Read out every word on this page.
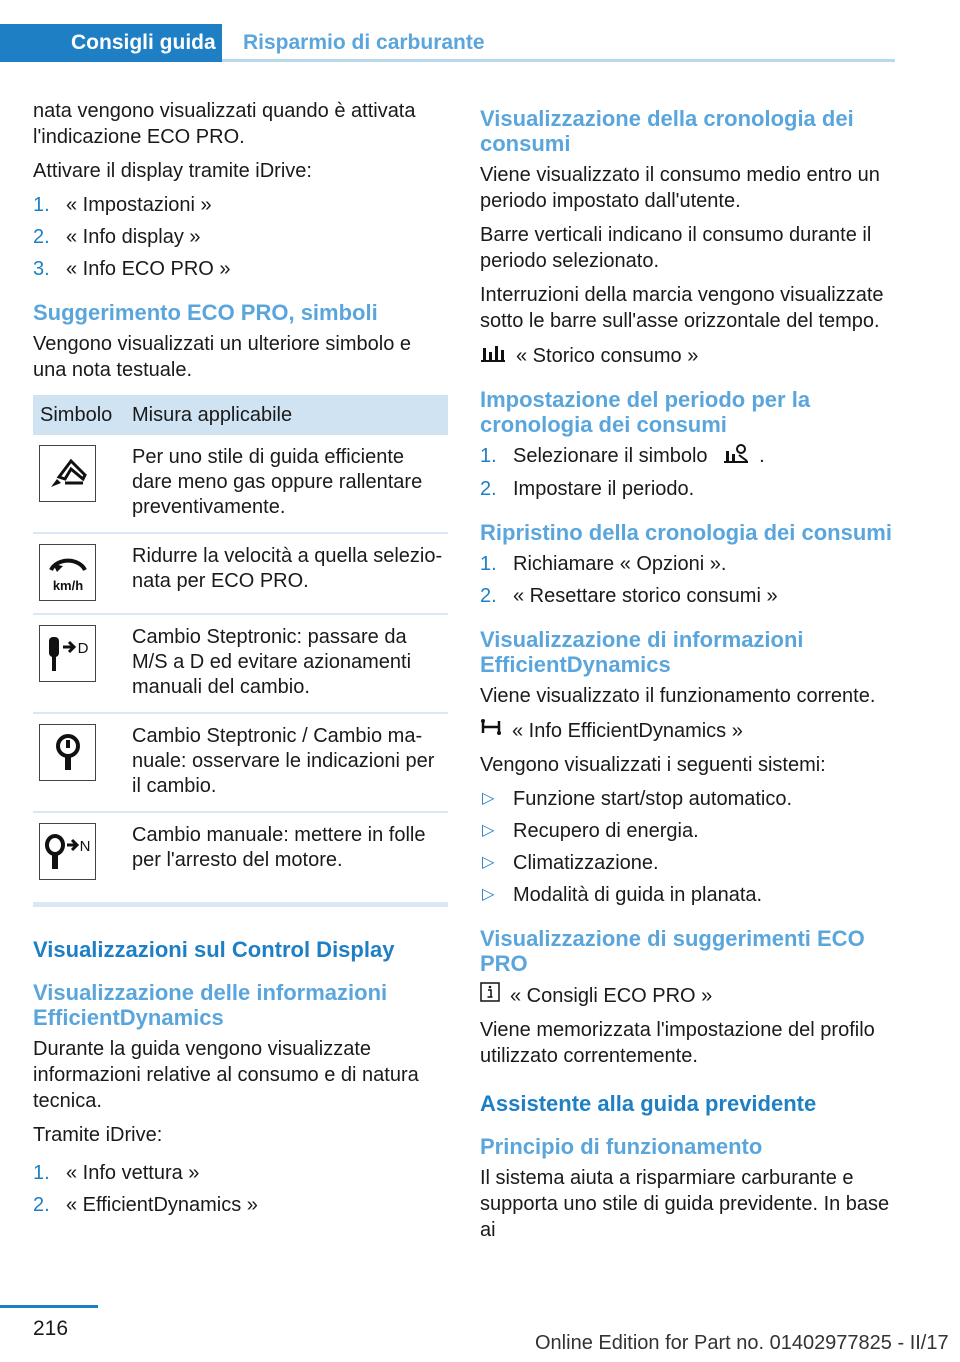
Consigli guida Risparmio di carburante

nata vengono visualizzati quando è attivata l'indicazione ECO PRO.

Attivare il display tramite iDrive:

1. « Impostazioni »
2. « Info display »
3. « Info ECO PRO »
Suggerimento ECO PRO, simboli

Vengono visualizzati un ulteriore simbolo e una nota testuale.

Simbolo	Misura applicabile

	Per uno stile di guida efficiente dare meno gas oppure rallentare preventivamente.

km/h	Ridurre la velocità a quella selezionata per ECO PRO.

D	Cambio Steptronic: passare da M/S a D ed evitare azionamenti manuali del cambio.

	Cambio Steptronic / Cambio manuale: osservare le indicazioni per il cambio.

N	Cambio manuale: mettere in folle per l'arresto del motore.
Visualizzazioni sul Control Display
Visualizzazione delle informazioni EfficientDynamics

Durante la guida vengono visualizzate informazioni relative al consumo e di natura tecnica.

Tramite iDrive:

1. « Info vettura »
2. « EfficientDynamics »
Visualizzazione della cronologia dei consumi

Viene visualizzato il consumo medio entro un periodo impostato dall'utente.

Barre verticali indicano il consumo durante il periodo selezionato.

Interruzioni della marcia vengono visualizzate sotto le barre sull'asse orizzontale del tempo.

« Storico consumo »

Impostazione del periodo per la cronologia dei consumi
1. Selezionare il simbolo	.
2. Impostare il periodo.
Ripristino della cronologia dei consumi
1. Richiamare « Opzioni ».
2. « Resettare storico consumi »
Visualizzazione di informazioni EfficientDynamics

Viene visualizzato il funzionamento corrente.

« Info EfficientDynamics »

Vengono visualizzati i seguenti sistemi:

▷ Funzione start/stop automatico.
▷ Recupero di energia.
▷ Climatizzazione.
▷ Modalità di guida in planata.
Visualizzazione di suggerimenti ECO PRO

« Consigli ECO PRO »

Viene memorizzata l'impostazione del profilo utilizzato correntemente.

Assistente alla guida previdente
Principio di funzionamento

Il sistema aiuta a risparmiare carburante e supporta uno stile di guida previdente. In base ai

216
Online Edition for Part no. 01402977825 - II/17
